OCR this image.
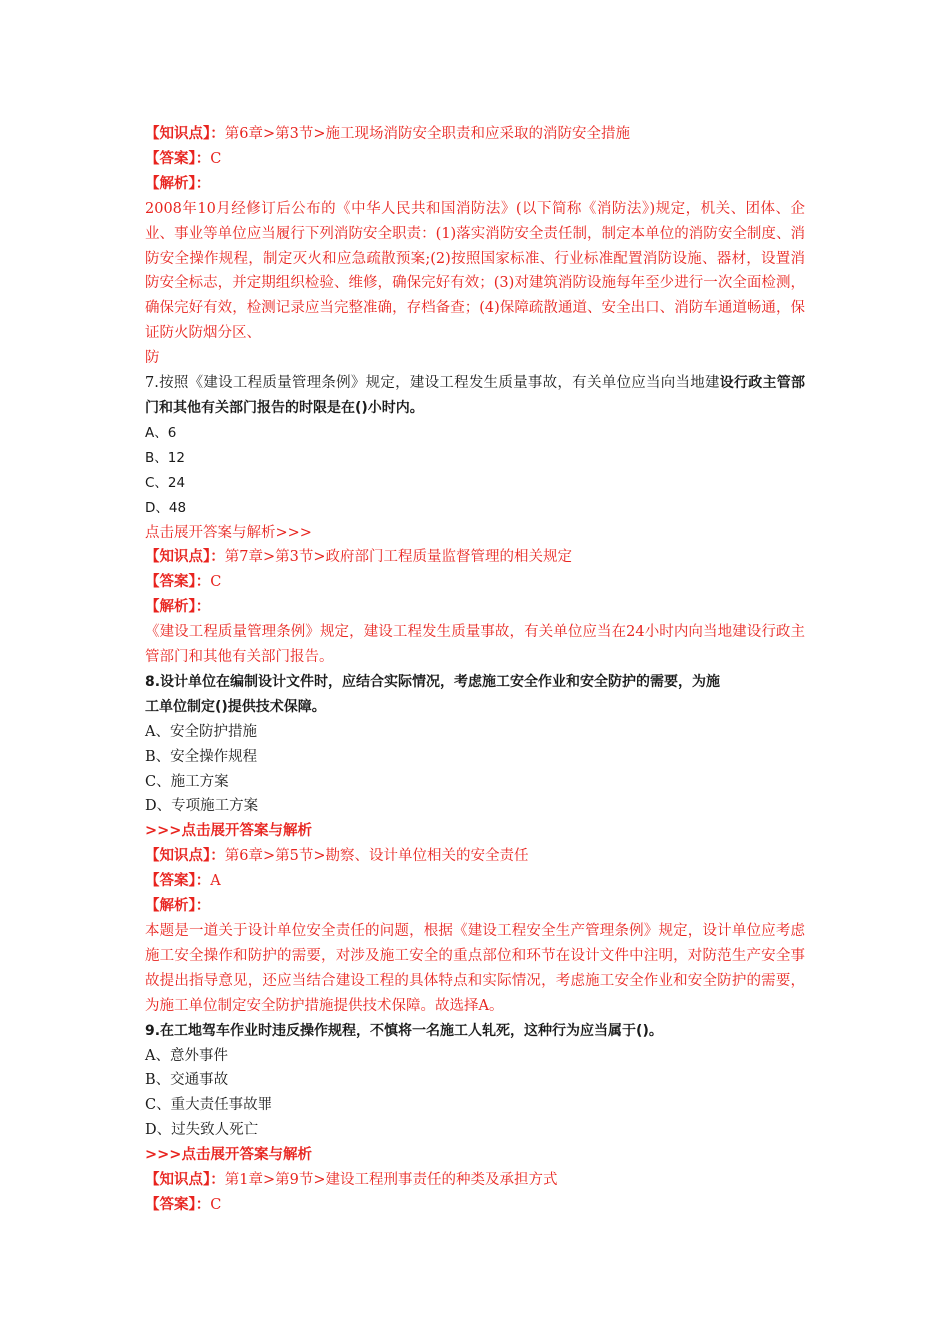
【知识点】：第6章>第3节>施工现场消防安全职责和应采取的消防安全措施
【答案】：C
【解析】：
2008年10月经修订后公布的《中华人民共和国消防法》(以下简称《消防法》)规定，机关、团体、企业、事业等单位应当履行下列消防安全职责：(1)落实消防安全责任制，制定本单位的消防安全制度、消防安全操作规程，制定灭火和应急疏散预案;(2)按照国家标准、行业标准配置消防设施、器材，设置消防安全标志，并定期组织检验、维修，确保完好有效；(3)对建筑消防设施每年至少进行一次全面检测，确保完好有效，检测记录应当完整准确，存档备查；(4)保障疏散通道、安全出口、消防车通道畅通，保证防火防烟分区、
防
7.按照《建设工程质量管理条例》规定，建设工程发生质量事故，有关单位应当向当地建设行政主管部门和其他有关部门报告的时限是在()小时内。
A、6
B、12
C、24
D、48
点击展开答案与解析>>>
【知识点】：第7章>第3节>政府部门工程质量监督管理的相关规定
【答案】：C
【解析】：
《建设工程质量管理条例》规定，建设工程发生质量事故，有关单位应当在24小时内向当地建设行政主管部门和其他有关部门报告。
8.设计单位在编制设计文件时，应结合实际情况，考虑施工安全作业和安全防护的需要，为施
工单位制定()提供技术保障。
A、安全防护措施
B、安全操作规程
C、施工方案
D、专项施工方案
>>>点击展开答案与解析
【知识点】：第6章>第5节>勘察、设计单位相关的安全责任
【答案】：A
【解析】：
本题是一道关于设计单位安全责任的问题，根据《建设工程安全生产管理条例》规定，设计单位应考虑施工安全操作和防护的需要，对涉及施工安全的重点部位和环节在设计文件中注明，对防范生产安全事故提出指导意见，还应当结合建设工程的具体特点和实际情况，考虑施工安全作业和安全防护的需要，为施工单位制定安全防护措施提供技术保障。故选择A。
9.在工地驾车作业时违反操作规程，不慎将一名施工人轧死，这种行为应当属于()。
A、意外事件
B、交通事故
C、重大责任事故罪
D、过失致人死亡
>>>点击展开答案与解析
【知识点】：第1章>第9节>建设工程刑事责任的种类及承担方式
【答案】：C
